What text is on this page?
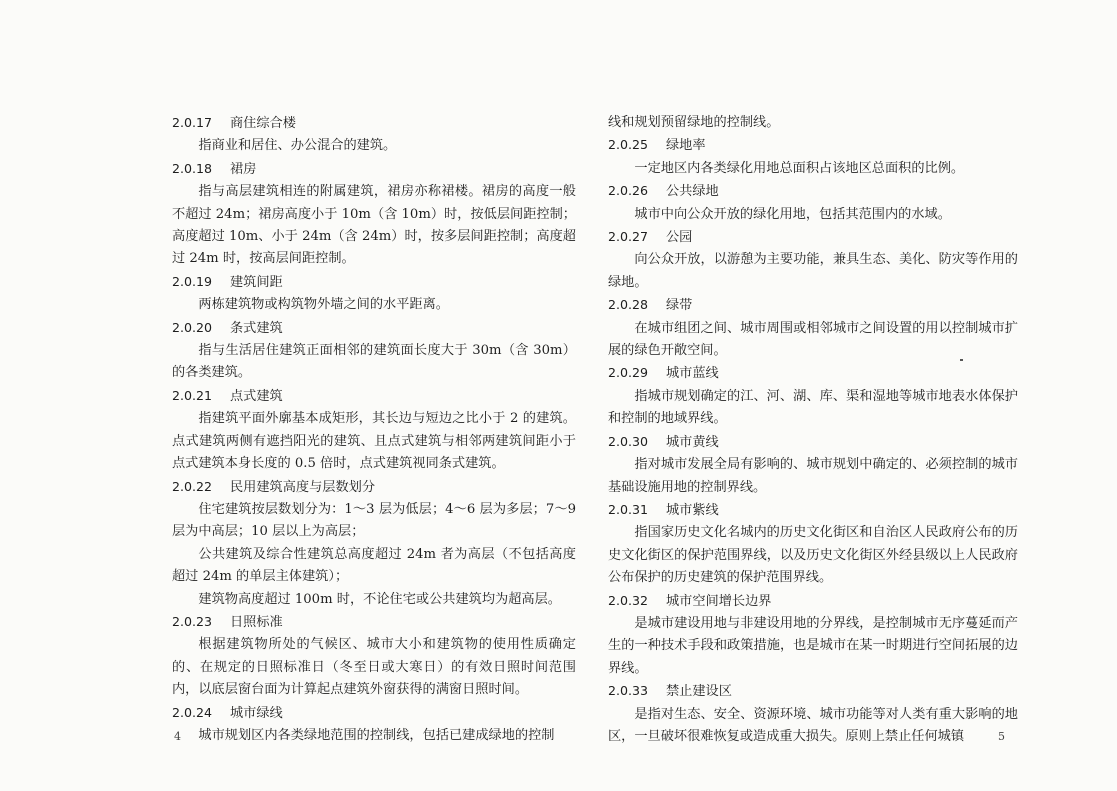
2.0.17 商住综合楼
指商业和居住、办公混合的建筑。
2.0.18 裙房
指与高层建筑相连的附属建筑，裙房亦称裙楼。裙房的高度一般不超过 24m；裙房高度小于 10m（含 10m）时，按低层间距控制；高度超过 10m、小于 24m（含 24m）时，按多层间距控制；高度超过 24m 时，按高层间距控制。
2.0.19 建筑间距
两栋建筑物或构筑物外墙之间的水平距离。
2.0.20 条式建筑
指与生活居住建筑正面相邻的建筑面长度大于 30m（含 30m）的各类建筑。
2.0.21 点式建筑
指建筑平面外廓基本成矩形，其长边与短边之比小于 2 的建筑。点式建筑两侧有遮挡阳光的建筑、且点式建筑与相邻两建筑间距小于点式建筑本身长度的 0.5 倍时，点式建筑视同条式建筑。
2.0.22 民用建筑高度与层数划分
住宅建筑按层数划分为：1～3 层为低层；4～6 层为多层；7～9 层为中高层；10 层以上为高层；
公共建筑及综合性建筑总高度超过 24m 者为高层（不包括高度超过 24m 的单层主体建筑）；
建筑物高度超过 100m 时，不论住宅或公共建筑均为超高层。
2.0.23 日照标准
根据建筑物所处的气候区、城市大小和建筑物的使用性质确定的、在规定的日照标准日（冬至日或大寒日）的有效日照时间范围内，以底层窗台面为计算起点建筑外窗获得的满窗日照时间。
2.0.24 城市绿线
城市规划区内各类绿地范围的控制线，包括已建成绿地的控制
4
线和规划预留绿地的控制线。
2.0.25 绿地率
一定地区内各类绿化用地总面积占该地区总面积的比例。
2.0.26 公共绿地
城市中向公众开放的绿化用地，包括其范围内的水域。
2.0.27 公园
向公众开放，以游憩为主要功能，兼具生态、美化、防灾等作用的绿地。
2.0.28 绿带
在城市组团之间、城市周围或相邻城市之间设置的用以控制城市扩展的绿色开敞空间。
2.0.29 城市蓝线
指城市规划确定的江、河、湖、库、渠和湿地等城市地表水体保护和控制的地域界线。
2.0.30 城市黄线
指对城市发展全局有影响的、城市规划中确定的、必须控制的城市基础设施用地的控制界线。
2.0.31 城市紫线
指国家历史文化名城内的历史文化街区和自治区人民政府公布的历史文化街区的保护范围界线，以及历史文化街区外经县级以上人民政府公布保护的历史建筑的保护范围界线。
2.0.32 城市空间增长边界
是城市建设用地与非建设用地的分界线，是控制城市无序蔓延而产生的一种技术手段和政策措施，也是城市在某一时期进行空间拓展的边界线。
2.0.33 禁止建设区
是指对生态、安全、资源环境、城市功能等对人类有重大影响的地区，一旦破坏很难恢复或造成重大损失。原则上禁止任何城镇	5
